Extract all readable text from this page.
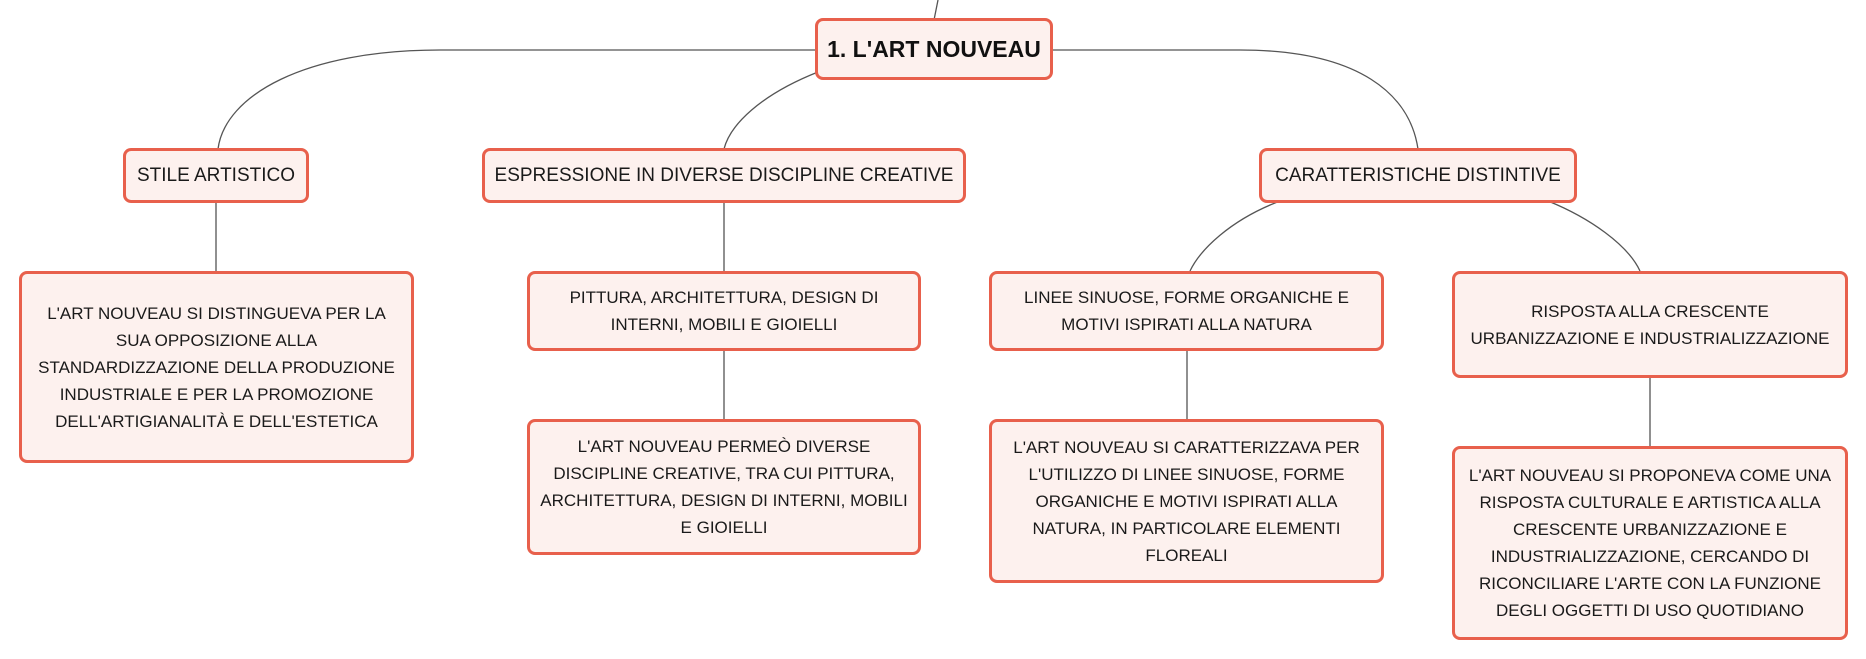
1. L'ART NOUVEAU
STILE ARTISTICO	ESPRESSIONE IN DIVERSE DISCIPLINE CREATIVE	CARATTERISTICHE DISTINTIVE
L'ART NOUVEAU SI DISTINGUEVA PER LA SUA OPPOSIZIONE ALLA STANDARDIZZAZIONE DELLA PRODUZIONE INDUSTRIALE E PER LA PROMOZIONE DELL'ARTIGIANALITÀ E DELL'ESTETICA
PITTURA, ARCHITETTURA, DESIGN DI INTERNI, MOBILI E GIOIELLI
L'ART NOUVEAU PERMEÒ DIVERSE DISCIPLINE CREATIVE, TRA CUI PITTURA, ARCHITETTURA, DESIGN DI INTERNI, MOBILI E GIOIELLI
LINEE SINUOSE, FORME ORGANICHE E MOTIVI ISPIRATI ALLA NATURA
L'ART NOUVEAU SI CARATTERIZZAVA PER L'UTILIZZO DI LINEE SINUOSE, FORME ORGANICHE E MOTIVI ISPIRATI ALLA NATURA, IN PARTICOLARE ELEMENTI FLOREALI
RISPOSTA ALLA CRESCENTE URBANIZZAZIONE E INDUSTRIALIZZAZIONE
L'ART NOUVEAU SI PROPONEVA COME UNA RISPOSTA CULTURALE E ARTISTICA ALLA CRESCENTE URBANIZZAZIONE E INDUSTRIALIZZAZIONE, CERCANDO DI RICONCILIARE L'ARTE CON LA FUNZIONE DEGLI OGGETTI DI USO QUOTIDIANO
